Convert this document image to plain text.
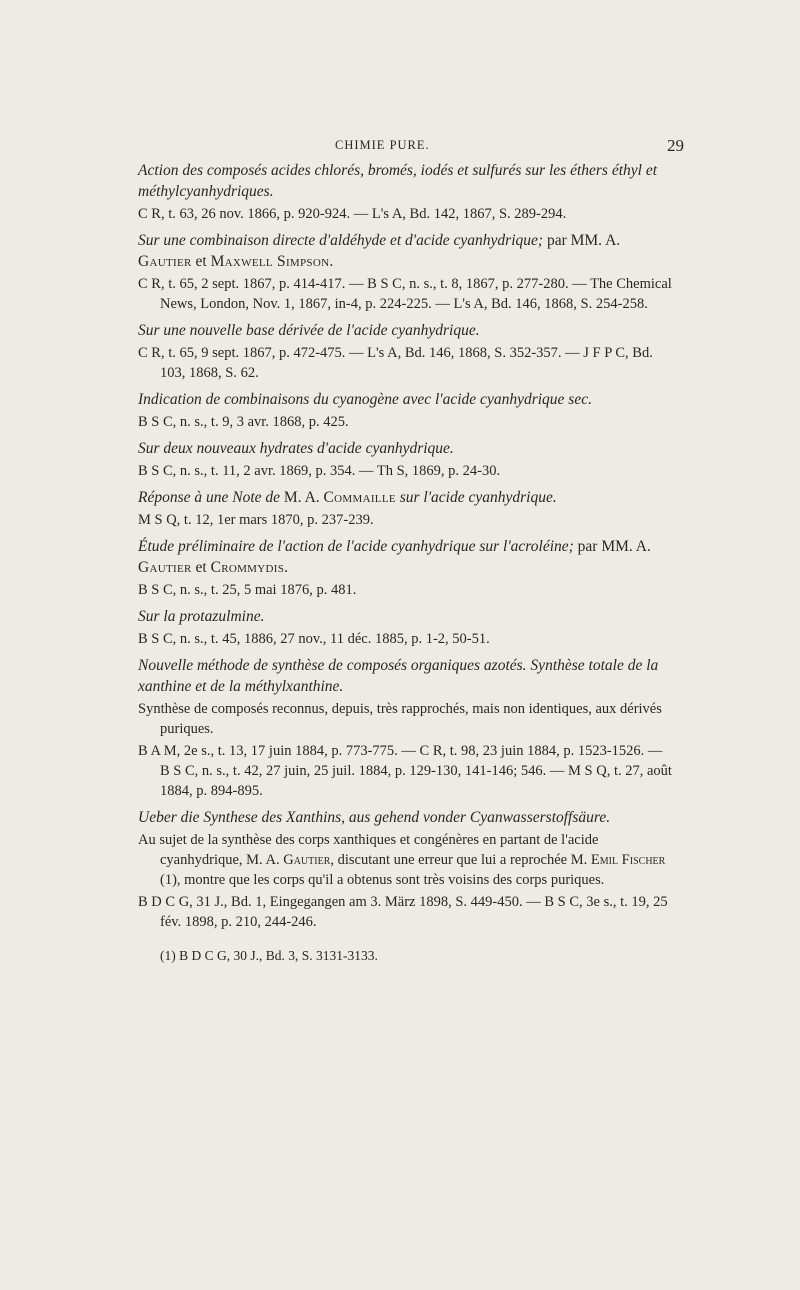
CHIMIE PURE.	29

Action des composés acides chlorés, bromés, iodés et sulfurés sur les éthers éthyl et méthylcyanhydriques.

C R, t. 63, 26 nov. 1866, p. 920-924. — L's A, Bd. 142, 1867, S. 289-294.

Sur une combinaison directe d'aldéhyde et d'acide cyanhydrique; par MM. A. Gautier et Maxwell Simpson.

C R, t. 65, 2 sept. 1867, p. 414-417. — B S C, n. s., t. 8, 1867, p. 277-280. — The Chemical News, London, Nov. 1, 1867, in-4, p. 224-225. — L's A, Bd. 146, 1868, S. 254-258.

Sur une nouvelle base dérivée de l'acide cyanhydrique.

C R, t. 65, 9 sept. 1867, p. 472-475. — L's A, Bd. 146, 1868, S. 352-357. — J F P C, Bd. 103, 1868, S. 62.

Indication de combinaisons du cyanogène avec l'acide cyanhydrique sec.

B S C, n. s., t. 9, 3 avr. 1868, p. 425.

Sur deux nouveaux hydrates d'acide cyanhydrique.

B S C, n. s., t. 11, 2 avr. 1869, p. 354. — Th S, 1869, p. 24-30.

Réponse à une Note de M. A. Commaille sur l'acide cyanhydrique.

M S Q, t. 12, 1er mars 1870, p. 237-239.

Étude préliminaire de l'action de l'acide cyanhydrique sur l'acroléine; par MM. A. Gautier et Crommydis.

B S C, n. s., t. 25, 5 mai 1876, p. 481.

Sur la protazulmine.

B S C, n. s., t. 45, 1886, 27 nov., 11 déc. 1885, p. 1-2, 50-51.

Nouvelle méthode de synthèse de composés organiques azotés. Synthèse totale de la xanthine et de la méthylxanthine.

Synthèse de composés reconnus, depuis, très rapprochés, mais non identiques, aux dérivés puriques.

B A M, 2e s., t. 13, 17 juin 1884, p. 773-775. — C R, t. 98, 23 juin 1884, p. 1523-1526. — B S C, n. s., t. 42, 27 juin, 25 juil. 1884, p. 129-130, 141-146; 546. — M S Q, t. 27, août 1884, p. 894-895.

Ueber die Synthese des Xanthins, aus gehend vonder Cyanwasserstoffsäure.

Au sujet de la synthèse des corps xanthiques et congénères en partant de l'acide cyanhydrique, M. A. Gautier, discutant une erreur que lui a reprochée M. Emil Fischer (1), montre que les corps qu'il a obtenus sont très voisins des corps puriques.

B D C G, 31 J., Bd. 1, Eingegangen am 3. März 1898, S. 449-450. — B S C, 3e s., t. 19, 25 fév. 1898, p. 210, 244-246.

(1) B D C G, 30 J., Bd. 3, S. 3131-3133.
